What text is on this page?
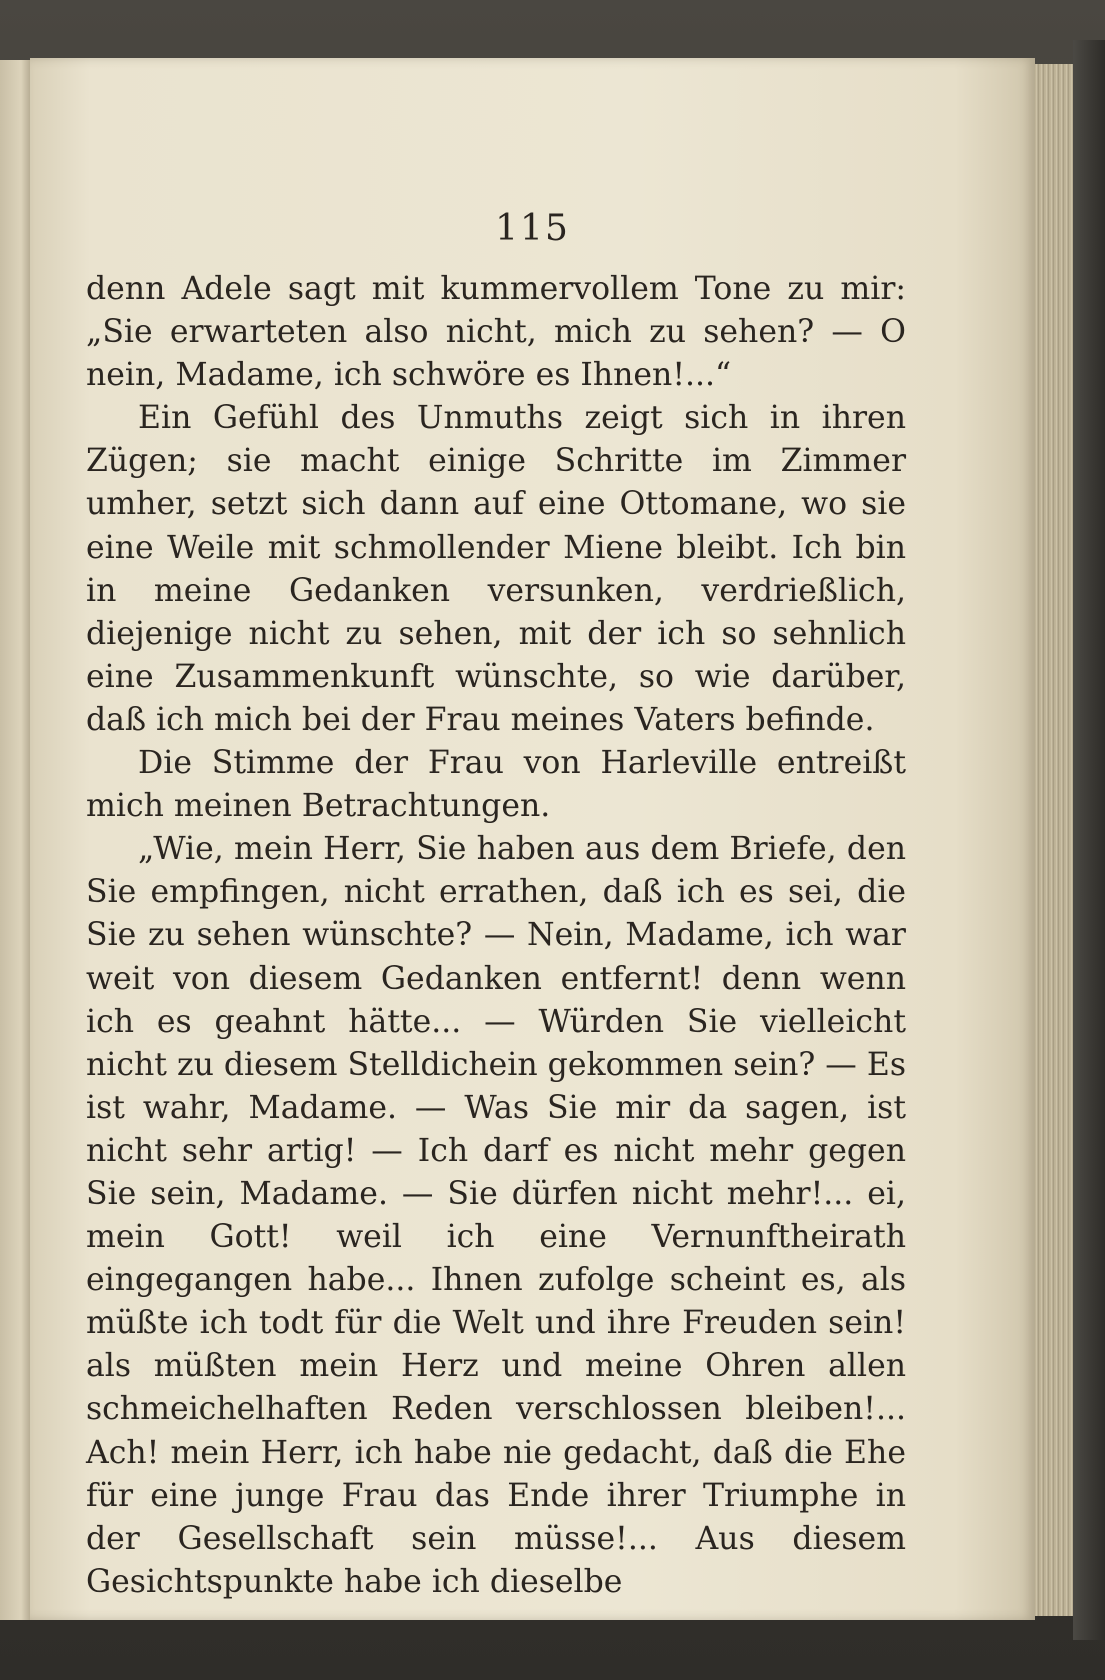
115

denn Adele sagt mit kummervollem Tone zu mir: „Sie erwarteten also nicht, mich zu sehen? — O nein, Madame, ich schwöre es Ihnen!...“

Ein Gefühl des Unmuths zeigt sich in ihren Zügen; sie macht einige Schritte im Zimmer umher, setzt sich dann auf eine Ottomane, wo sie eine Weile mit schmollender Miene bleibt. Ich bin in meine Gedanken versunken, verdrießlich, diejenige nicht zu sehen, mit der ich so sehnlich eine Zusammenkunft wünschte, so wie darüber, daß ich mich bei der Frau meines Vaters befinde.

Die Stimme der Frau von Harleville entreißt mich meinen Betrachtungen.

„Wie, mein Herr, Sie haben aus dem Briefe, den Sie empfingen, nicht errathen, daß ich es sei, die Sie zu sehen wünschte? — Nein, Madame, ich war weit von diesem Gedanken entfernt! denn wenn ich es geahnt hätte... — Würden Sie vielleicht nicht zu diesem Stelldichein gekommen sein? — Es ist wahr, Madame. — Was Sie mir da sagen, ist nicht sehr artig! — Ich darf es nicht mehr gegen Sie sein, Madame. — Sie dürfen nicht mehr!... ei, mein Gott! weil ich eine Vernunftheirath eingegangen habe... Ihnen zufolge scheint es, als müßte ich todt für die Welt und ihre Freuden sein! als müßten mein Herz und meine Ohren allen schmeichelhaften Reden verschlossen bleiben!... Ach! mein Herr, ich habe nie gedacht, daß die Ehe für eine junge Frau das Ende ihrer Triumphe in der Gesellschaft sein müsse!... Aus diesem Gesichtspunkte habe ich dieselbe
